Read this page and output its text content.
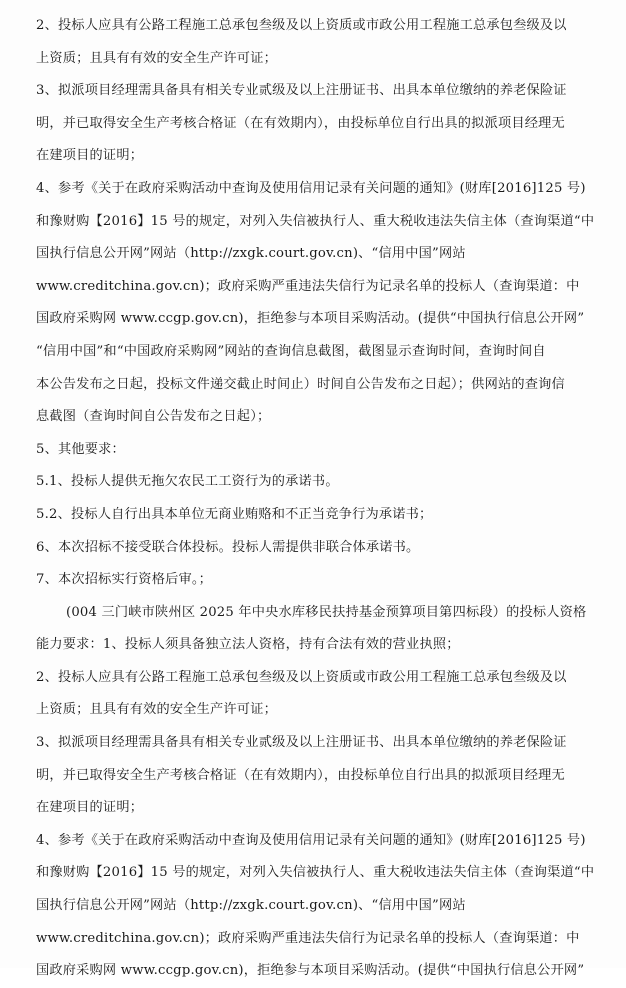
2、投标人应具有公路工程施工总承包叁级及以上资质或市政公用工程施工总承包叁级及以
上资质；且具有有效的安全生产许可证；
3、拟派项目经理需具备具有相关专业贰级及以上注册证书、出具本单位缴纳的养老保险证
明，并已取得安全生产考核合格证（在有效期内），由投标单位自行出具的拟派项目经理无
在建项目的证明；
4、参考《关于在政府采购活动中查询及使用信用记录有关问题的通知》(财库[2016]125 号)
和豫财购【2016】15 号的规定，对列入失信被执行人、重大税收违法失信主体（查询渠道“中
国执行信息公开网”网站（http://zxgk.court.gov.cn)、“信用中国”网站
www.creditchina.gov.cn)；政府采购严重违法失信行为记录名单的投标人（查询渠道：中
国政府采购网 www.ccgp.gov.cn)，拒绝参与本项目采购活动。(提供“中国执行信息公开网”
“信用中国”和“中国政府采购网”网站的查询信息截图，截图显示查询时间，查询时间自
本公告发布之日起，投标文件递交截止时间止）时间自公告发布之日起）；供网站的查询信
息截图（查询时间自公告发布之日起）；
5、其他要求：
5.1、投标人提供无拖欠农民工工资行为的承诺书。
5.2、投标人自行出具本单位无商业贿赂和不正当竞争行为承诺书；
6、本次招标不接受联合体投标。投标人需提供非联合体承诺书。
7、本次招标实行资格后审。；
(004 三门峡市陕州区 2025 年中央水库移民扶持基金预算项目第四标段）的投标人资格
能力要求：1、投标人须具备独立法人资格，持有合法有效的营业执照；
2、投标人应具有公路工程施工总承包叁级及以上资质或市政公用工程施工总承包叁级及以
上资质；且具有有效的安全生产许可证；
3、拟派项目经理需具备具有相关专业贰级及以上注册证书、出具本单位缴纳的养老保险证
明，并已取得安全生产考核合格证（在有效期内），由投标单位自行出具的拟派项目经理无
在建项目的证明；
4、参考《关于在政府采购活动中查询及使用信用记录有关问题的通知》(财库[2016]125 号)
和豫财购【2016】15 号的规定，对列入失信被执行人、重大税收违法失信主体（查询渠道“中
国执行信息公开网”网站（http://zxgk.court.gov.cn)、“信用中国”网站
www.creditchina.gov.cn)；政府采购严重违法失信行为记录名单的投标人（查询渠道：中
国政府采购网 www.ccgp.gov.cn)，拒绝参与本项目采购活动。(提供“中国执行信息公开网”
